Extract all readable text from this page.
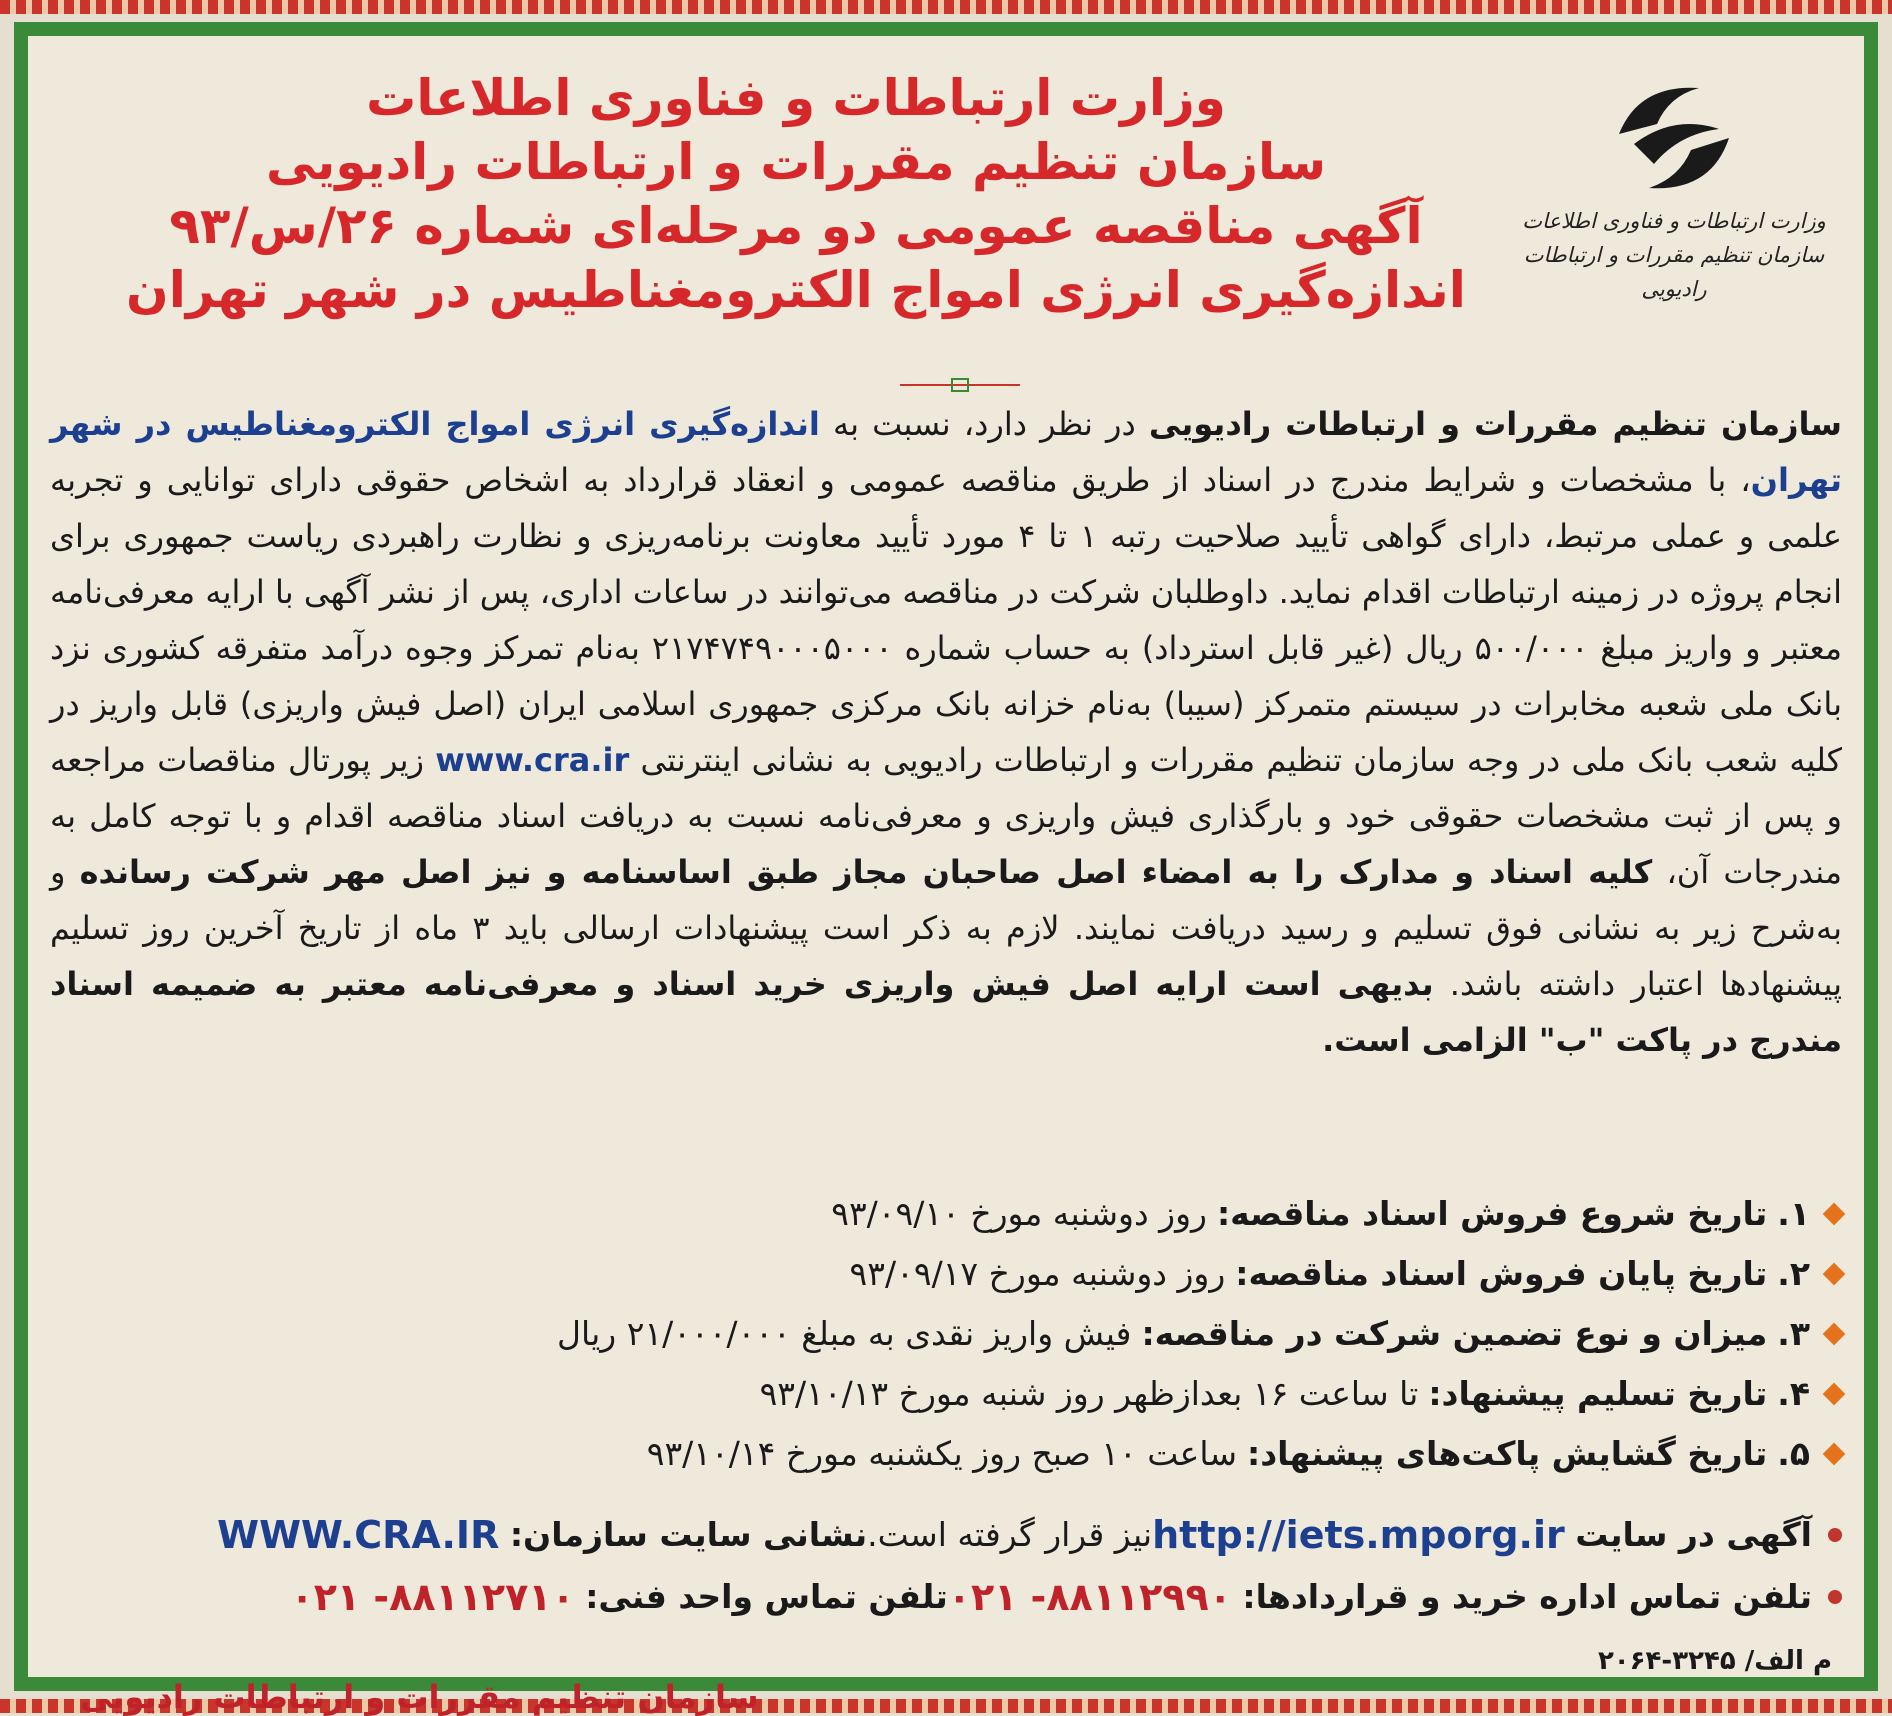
وزارت ارتباطات و فناوری اطلاعات
سازمان تنظیم مقررات و ارتباطات رادیویی
وزارت ارتباطات و فناوری اطلاعات
سازمان تنظیم مقررات و ارتباطات رادیویی
آگهی مناقصه عمومی دو مرحله‌ای شماره ۲۶/س/۹۳
اندازه‌گیری انرژی امواج الکترومغناطیس در شهر تهران

سازمان تنظیم مقررات و ارتباطات رادیویی در نظر دارد، نسبت به اندازه‌گیری انرژی امواج الکترومغناطیس در شهر تهران، با مشخصات و شرایط مندرج در اسناد از طریق مناقصه عمومی و انعقاد قرارداد به اشخاص حقوقی دارای توانایی و تجربه علمی و عملی مرتبط، دارای گواهی تأیید صلاحیت رتبه ۱ تا ۴ مورد تأیید معاونت برنامه‌ریزی و نظارت راهبردی ریاست جمهوری برای انجام پروژه در زمینه ارتباطات اقدام نماید. داوطلبان شرکت در مناقصه می‌توانند در ساعات اداری، پس از نشر آگهی با ارایه معرفی‌نامه معتبر و واریز مبلغ ۵۰۰/۰۰۰ ریال (غیر قابل استرداد) به حساب شماره ۲۱۷۴۷۴۹۰۰۰۵۰۰۰ به‌نام تمرکز وجوه درآمد متفرقه کشوری نزد بانک ملی شعبه مخابرات در سیستم متمرکز (سیبا) به‌نام خزانه بانک مرکزی جمهوری اسلامی ایران (اصل فیش واریزی) قابل واریز در کلیه شعب بانک ملی در وجه سازمان تنظیم مقررات و ارتباطات رادیویی به نشانی اینترنتی www.cra.ir زیر پورتال مناقصات مراجعه و پس از ثبت مشخصات حقوقی خود و بارگذاری فیش واریزی و معرفی‌نامه نسبت به دریافت اسناد مناقصه اقدام و با توجه کامل به مندرجات آن، کلیه اسناد و مدارک را به امضاء اصل صاحبان مجاز طبق اساسنامه و نیز اصل مهر شرکت رسانده و به‌شرح زیر به نشانی فوق تسلیم و رسید دریافت نمایند. لازم به ذکر است پیشنهادات ارسالی باید ۳ ماه از تاریخ آخرین روز تسلیم پیشنهادها اعتبار داشته باشد. بدیهی است ارایه اصل فیش واریزی خرید اسناد و معرفی‌نامه معتبر به ضمیمه اسناد مندرج در پاکت "ب" الزامی است.

۱.
تاریخ شروع فروش اسناد مناقصه:
روز دوشنبه مورخ ۹۳/۰۹/۱۰
۲.
تاریخ پایان فروش اسناد مناقصه:
روز دوشنبه مورخ ۹۳/۰۹/۱۷
۳.
میزان و نوع تضمین شرکت در مناقصه:
فیش واریز نقدی به مبلغ ۲۱/۰۰۰/۰۰۰ ریال
۴.
تاریخ تسلیم پیشنهاد:
تا ساعت ۱۶ بعدازظهر روز شنبه مورخ ۹۳/۱۰/۱۳
۵.
تاریخ گشایش پاکت‌های پیشنهاد:
ساعت ۱۰ صبح روز یکشنبه مورخ ۹۳/۱۰/۱۴
آگهی در سایت

http://iets.mporg.ir
نیز قرار گرفته است.
نشانی سایت سازمان:

WWW.CRA.IR
تلفن تماس اداره خرید و قراردادها:

۰۲۱ -۸۸۱۱۲۹۹۰
تلفن تماس واحد فنی:

۰۲۱ -۸۸۱۱۲۷۱۰
م الف/ ۳۲۴۵-۲۰۶۴
سازمان تنظیم مقررات و ارتباطات رادیویی
